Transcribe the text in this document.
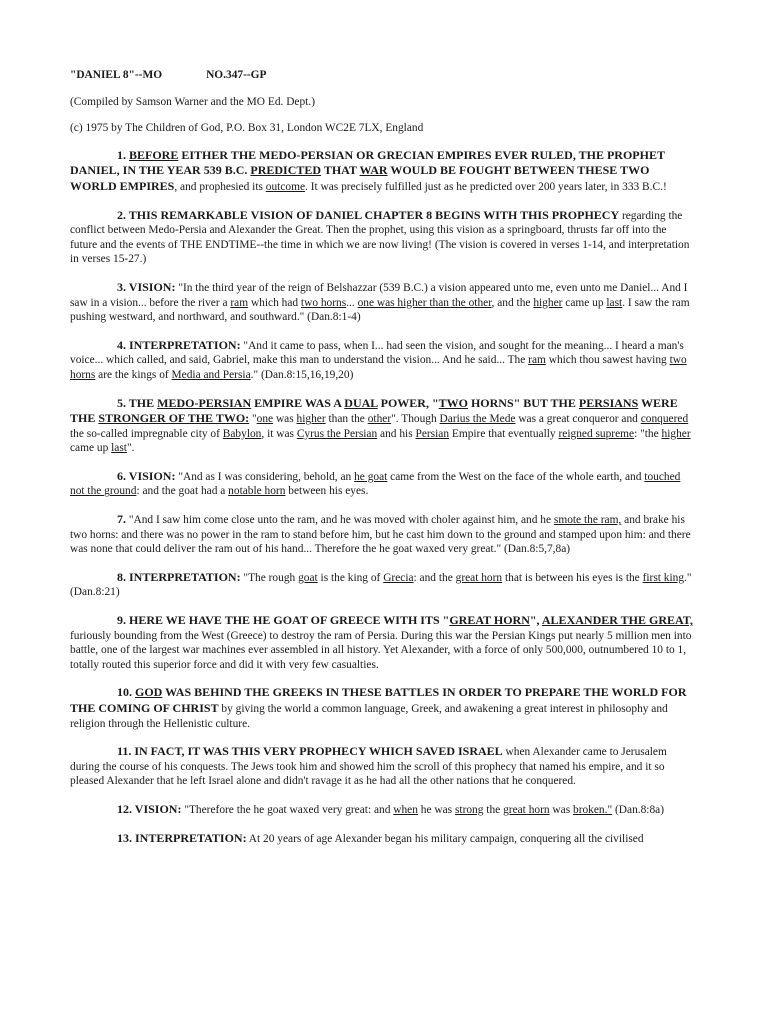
"DANIEL 8"--MO	NO.347--GP
(Compiled by Samson Warner and the MO Ed. Dept.)
(c) 1975 by The Children of God, P.O. Box 31, London WC2E 7LX, England

1. BEFORE EITHER THE MEDO-PERSIAN OR GRECIAN EMPIRES EVER RULED, THE PROPHET DANIEL, IN THE YEAR 539 B.C. PREDICTED THAT WAR WOULD BE FOUGHT BETWEEN THESE TWO WORLD EMPIRES, and prophesied its outcome. It was precisely fulfilled just as he predicted over 200 years later, in 333 B.C.!

2. THIS REMARKABLE VISION OF DANIEL CHAPTER 8 BEGINS WITH THIS PROPHECY regarding the conflict between Medo-Persia and Alexander the Great. Then the prophet, using this vision as a springboard, thrusts far off into the future and the events of THE ENDTIME--the time in which we are now living! (The vision is covered in verses 1-14, and interpretation in verses 15-27.)

3. VISION: "In the third year of the reign of Belshazzar (539 B.C.) a vision appeared unto me, even unto me Daniel... And I saw in a vision... before the river a ram which had two horns... one was higher than the other, and the higher came up last. I saw the ram pushing westward, and northward, and southward." (Dan.8:1-4)

4. INTERPRETATION: "And it came to pass, when I... had seen the vision, and sought for the meaning... I heard a man's voice... which called, and said, Gabriel, make this man to understand the vision... And he said... The ram which thou sawest having two horns are the kings of Media and Persia." (Dan.8:15,16,19,20)

5. THE MEDO-PERSIAN EMPIRE WAS A DUAL POWER, "TWO HORNS" BUT THE PERSIANS WERE THE STRONGER OF THE TWO: "one was higher than the other". Though Darius the Mede was a great conqueror and conquered the so-called impregnable city of Babylon, it was Cyrus the Persian and his Persian Empire that eventually reigned supreme: "the higher came up last".

6. VISION: "And as I was considering, behold, an he goat came from the West on the face of the whole earth, and touched not the ground: and the goat had a notable horn between his eyes.

7. "And I saw him come close unto the ram, and he was moved with choler against him, and he smote the ram, and brake his two horns: and there was no power in the ram to stand before him, but he cast him down to the ground and stamped upon him: and there was none that could deliver the ram out of his hand... Therefore the he goat waxed very great." (Dan.8:5,7,8a)

8. INTERPRETATION: "The rough goat is the king of Grecia: and the great horn that is between his eyes is the first king." (Dan.8:21)

9. HERE WE HAVE THE HE GOAT OF GREECE WITH ITS "GREAT HORN", ALEXANDER THE GREAT, furiously bounding from the West (Greece) to destroy the ram of Persia. During this war the Persian Kings put nearly 5 million men into battle, one of the largest war machines ever assembled in all history. Yet Alexander, with a force of only 500,000, outnumbered 10 to 1, totally routed this superior force and did it with very few casualties.

10. GOD WAS BEHIND THE GREEKS IN THESE BATTLES IN ORDER TO PREPARE THE WORLD FOR THE COMING OF CHRIST by giving the world a common language, Greek, and awakening a great interest in philosophy and religion through the Hellenistic culture.

11. IN FACT, IT WAS THIS VERY PROPHECY WHICH SAVED ISRAEL when Alexander came to Jerusalem during the course of his conquests. The Jews took him and showed him the scroll of this prophecy that named his empire, and it so pleased Alexander that he left Israel alone and didn't ravage it as he had all the other nations that he conquered.

12. VISION: "Therefore the he goat waxed very great: and when he was strong the great horn was broken." (Dan.8:8a)

13. INTERPRETATION: At 20 years of age Alexander began his military campaign, conquering all the civilised
